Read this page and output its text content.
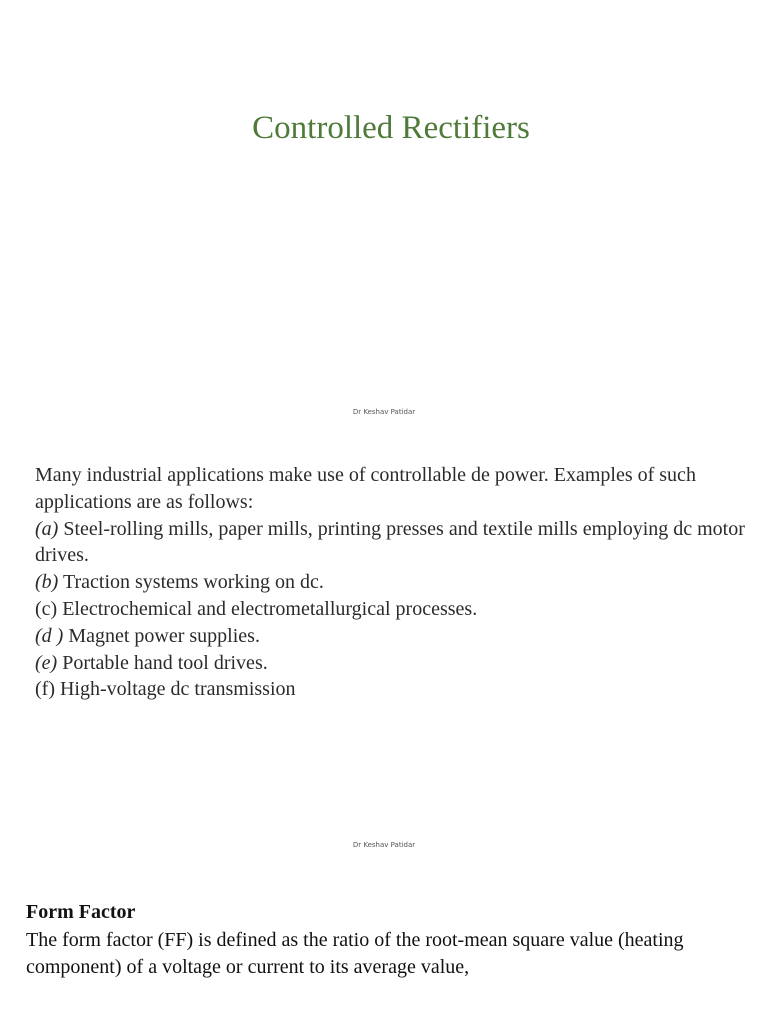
Controlled Rectifiers
Dr Keshav Patidar

Many industrial applications make use of controllable de power. Examples of such applications are as follows:

(a) Steel-rolling mills, paper mills, printing presses and textile mills employing dc motor drives.

(b) Traction systems working on dc.

(c) Electrochemical and electrometallurgical processes.

(d ) Magnet power supplies.

(e) Portable hand tool drives.

(f) High-voltage dc transmission

Dr Keshav Patidar
Form Factor

The form factor (FF) is defined as the ratio of the root-mean square value (heating component) of a voltage or current to its average value,
